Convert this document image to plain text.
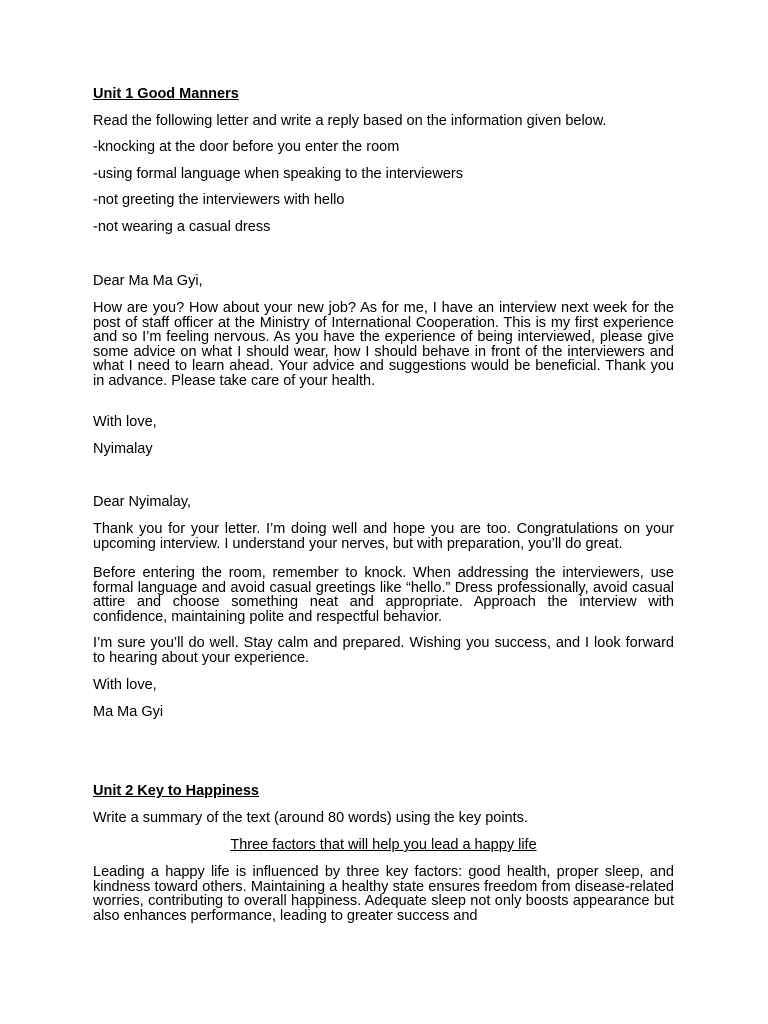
Unit 1 Good Manners

Read the following letter and write a reply based on the information given below.

-knocking at the door before you enter the room

-using formal language when speaking to the interviewers

-not greeting the interviewers with hello

-not wearing a casual dress

Dear Ma Ma Gyi,

How are you? How about your new job? As for me, I have an interview next week for the post of staff officer at the Ministry of International Cooperation. This is my first experience and so I’m feeling nervous. As you have the experience of being interviewed, please give some advice on what I should wear, how I should behave in front of the interviewers and what I need to learn ahead. Your advice and suggestions would be beneficial. Thank you in advance. Please take care of your health.

With love,

Nyimalay

Dear Nyimalay,

Thank you for your letter. I’m doing well and hope you are too. Congratulations on your upcoming interview. I understand your nerves, but with preparation, you’ll do great.

Before entering the room, remember to knock. When addressing the interviewers, use formal language and avoid casual greetings like “hello.” Dress professionally, avoid casual attire and choose something neat and appropriate. Approach the interview with confidence, maintaining polite and respectful behavior.

I’m sure you’ll do well. Stay calm and prepared. Wishing you success, and I look forward to hearing about your experience.

With love,

Ma Ma Gyi

Unit 2 Key to Happiness

Write a summary of the text (around 80 words) using the key points.

Three factors that will help you lead a happy life

Leading a happy life is influenced by three key factors: good health, proper sleep, and kindness toward others. Maintaining a healthy state ensures freedom from disease-related worries, contributing to overall happiness. Adequate sleep not only boosts appearance but also enhances performance, leading to greater success and
